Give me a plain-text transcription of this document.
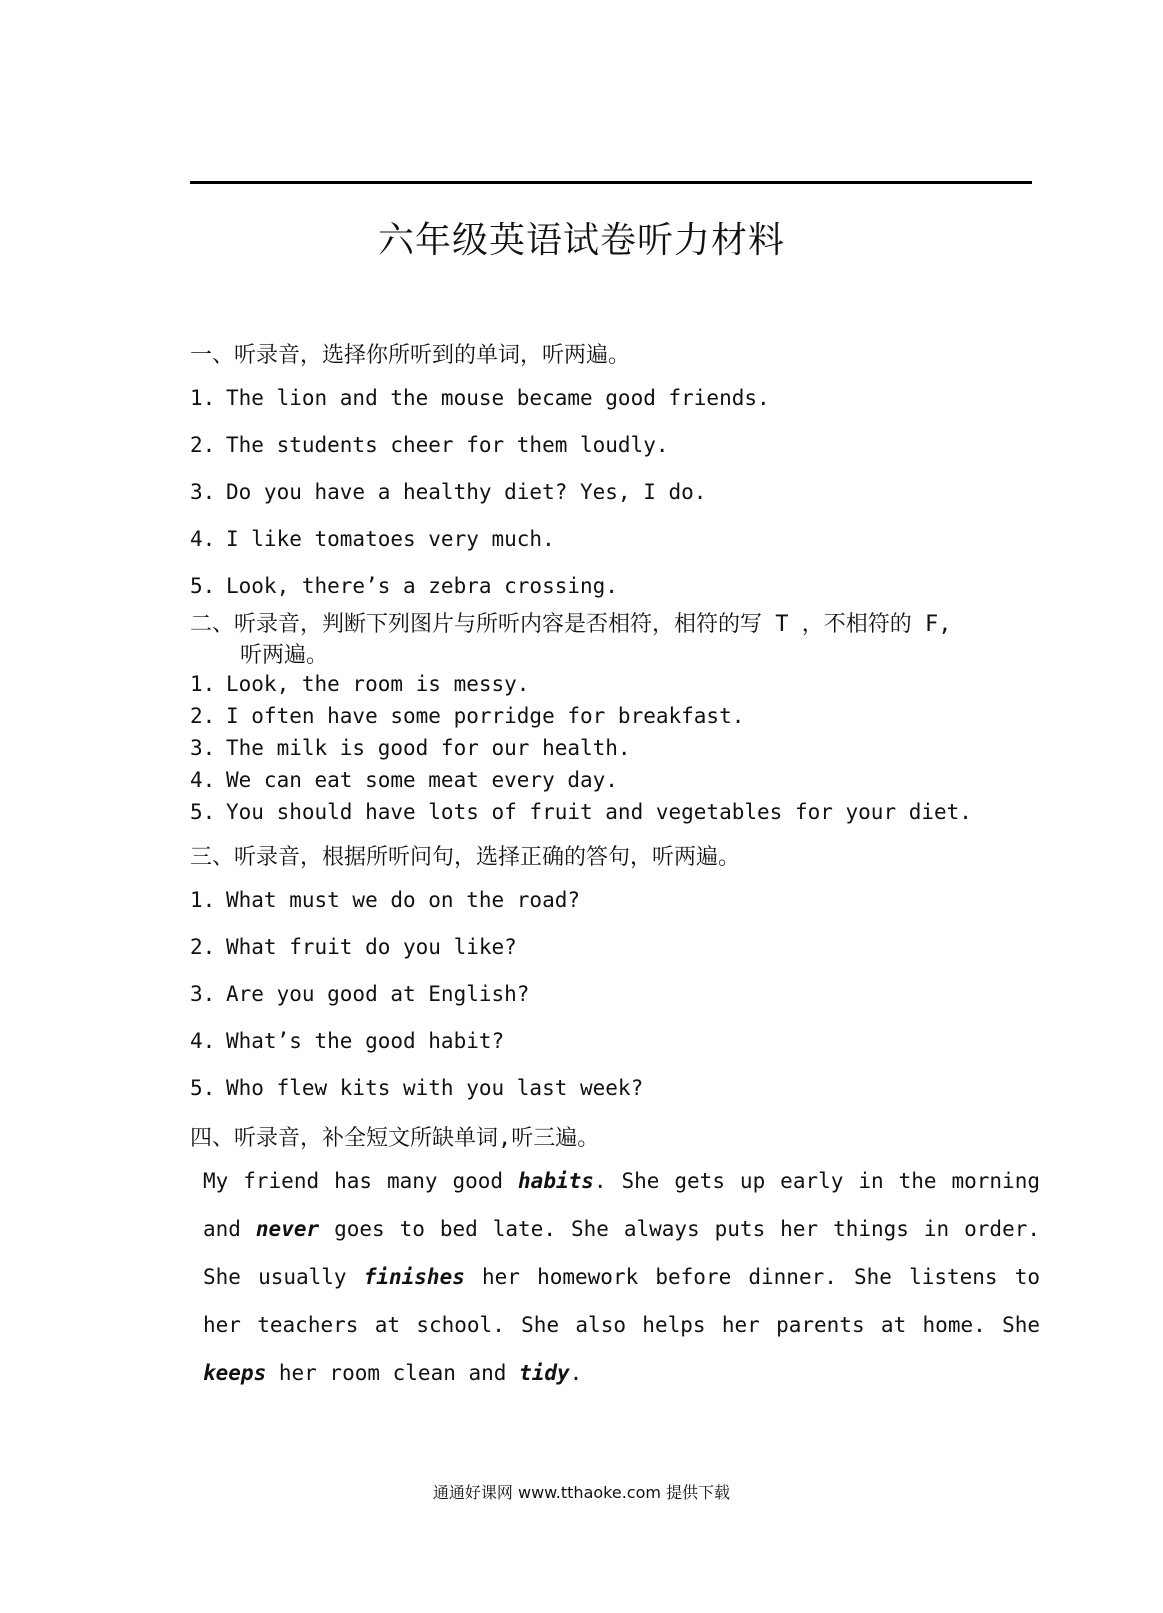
六年级英语试卷听力材料
一、听录音，选择你所听到的单词，听两遍。
1. The lion and the mouse became good friends.
2. The students cheer for them loudly.
3. Do you have a healthy diet? Yes, I do.
4. I like tomatoes very much.
5. Look, there’s a zebra crossing.
二、听录音，判断下列图片与所听内容是否相符，相符的写 T ，不相符的 F,
听两遍。
1. Look, the room is messy.
2. I often have some porridge for breakfast.
3. The milk is good for our health.
4. We can eat some meat every day.
5. You should have lots of fruit and vegetables for your diet.
三、听录音，根据所听问句，选择正确的答句，听两遍。
1. What must we do on the road?
2. What fruit do you like?
3. Are you good at English?
4. What’s the good habit?
5. Who flew kits with you last week?
四、听录音，补全短文所缺单词,听三遍。
My friend has many good habits. She gets up early in the morning and never goes to bed late. She always puts her things in order. She usually finishes her homework before dinner. She listens to her teachers at school. She also helps her parents at home. She keeps her room clean and tidy.
通通好课网 www.tthaoke.com 提供下载
